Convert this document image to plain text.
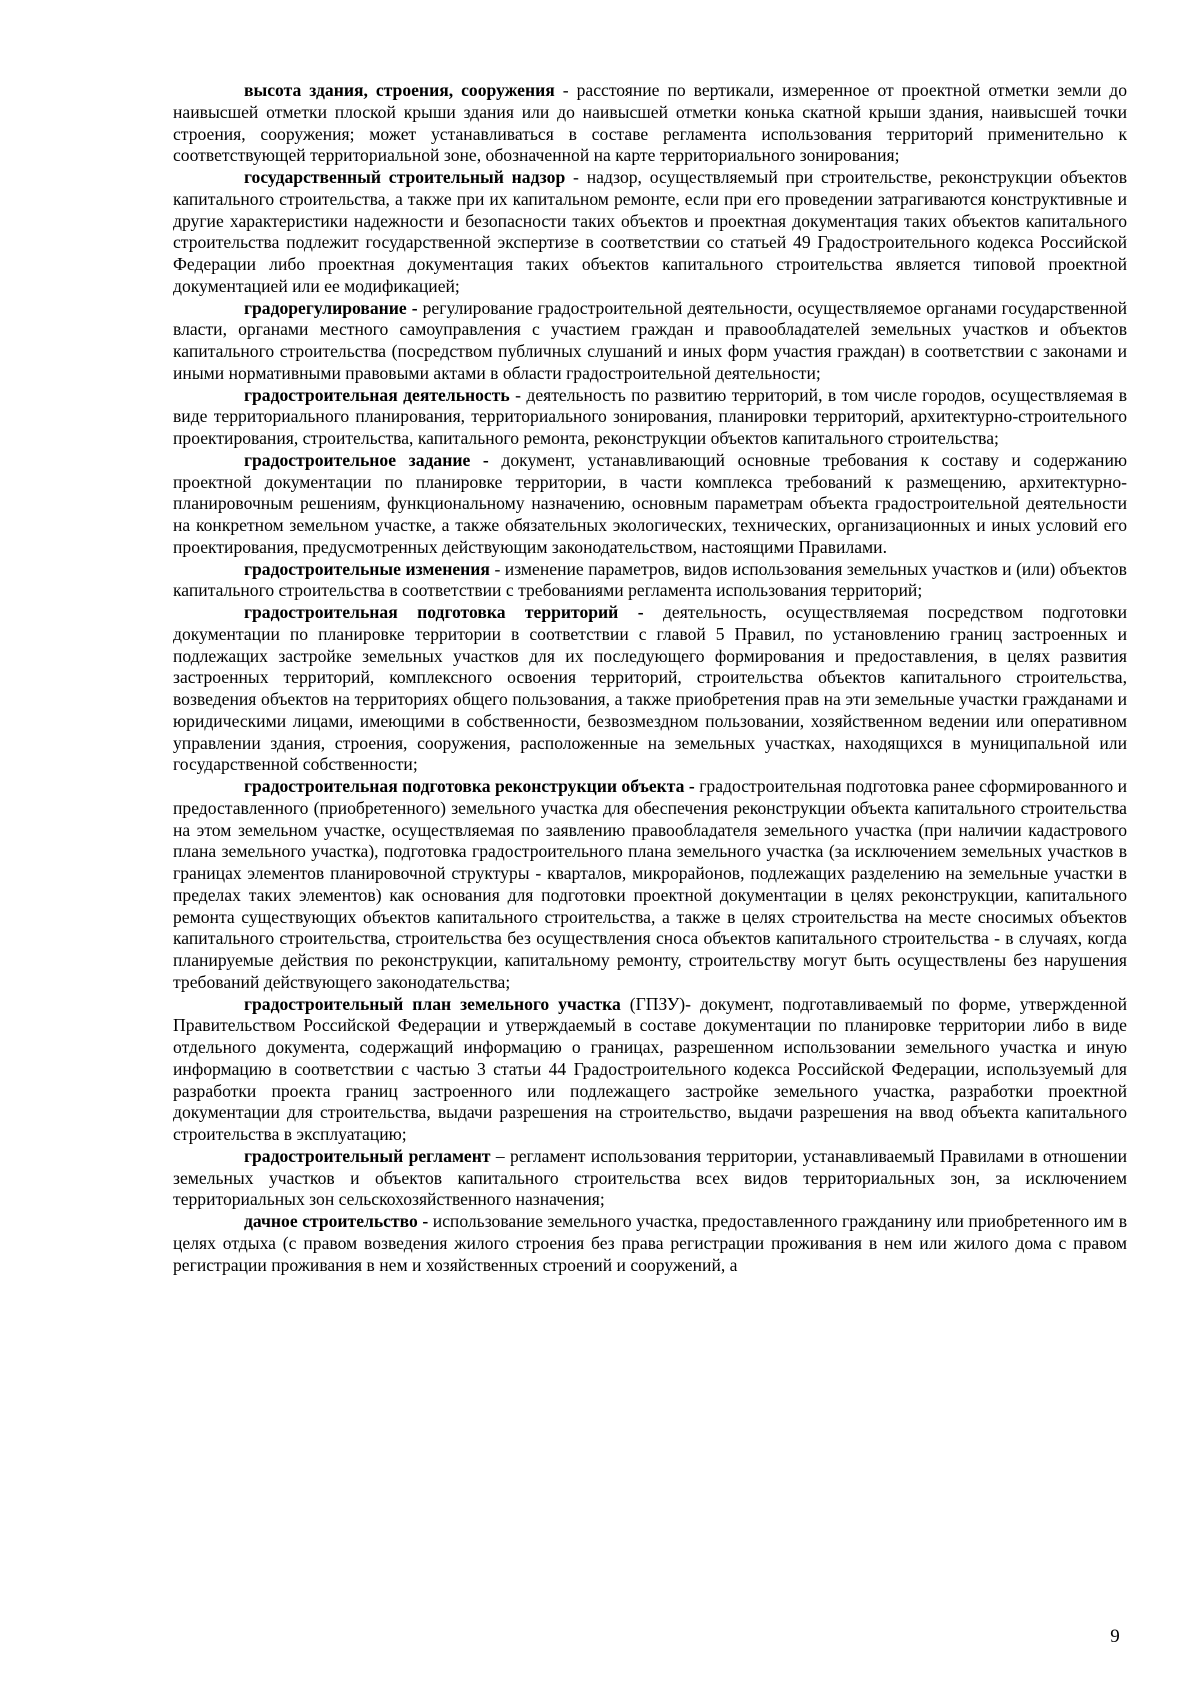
высота здания, строения, сооружения - расстояние по вертикали, измеренное от проектной отметки земли до наивысшей отметки плоской крыши здания или до наивысшей отметки конька скатной крыши здания, наивысшей точки строения, сооружения; может устанавливаться в составе регламента использования территорий применительно к соответствующей территориальной зоне, обозначенной на карте территориального зонирования;

государственный строительный надзор - надзор, осуществляемый при строительстве, реконструкции объектов капитального строительства, а также при их капитальном ремонте, если при его проведении затрагиваются конструктивные и другие характеристики надежности и безопасности таких объектов и проектная документация таких объектов капитального строительства подлежит государственной экспертизе в соответствии со статьей 49 Градостроительного кодекса Российской Федерации либо проектная документация таких объектов капитального строительства является типовой проектной документацией или ее модификацией;

градорегулирование - регулирование градостроительной деятельности, осуществляемое органами государственной власти, органами местного самоуправления с участием граждан и правообладателей земельных участков и объектов капитального строительства (посредством публичных слушаний и иных форм участия граждан) в соответствии с законами и иными нормативными правовыми актами в области градостроительной деятельности;

градостроительная деятельность - деятельность по развитию территорий, в том числе городов, осуществляемая в виде территориального планирования, территориального зонирования, планировки территорий, архитектурно-строительного проектирования, строительства, капитального ремонта, реконструкции объектов капитального строительства;

градостроительное задание - документ, устанавливающий основные требования к составу и содержанию проектной документации по планировке территории, в части комплекса требований к размещению, архитектурно-планировочным решениям, функциональному назначению, основным параметрам объекта градостроительной деятельности на конкретном земельном участке, а также обязательных экологических, технических, организационных и иных условий его проектирования, предусмотренных действующим законодательством, настоящими Правилами.

градостроительные изменения - изменение параметров, видов использования земельных участков и (или) объектов капитального строительства в соответствии с требованиями регламента использования территорий;

градостроительная подготовка территорий - деятельность, осуществляемая посредством подготовки документации по планировке территории в соответствии с главой 5 Правил, по установлению границ застроенных и подлежащих застройке земельных участков для их последующего формирования и предоставления, в целях развития застроенных территорий, комплексного освоения территорий, строительства объектов капитального строительства, возведения объектов на территориях общего пользования, а также приобретения прав на эти земельные участки гражданами и юридическими лицами, имеющими в собственности, безвозмездном пользовании, хозяйственном ведении или оперативном управлении здания, строения, сооружения, расположенные на земельных участках, находящихся в муниципальной или государственной собственности;

градостроительная подготовка реконструкции объекта - градостроительная подготовка ранее сформированного и предоставленного (приобретенного) земельного участка для обеспечения реконструкции объекта капитального строительства на этом земельном участке, осуществляемая по заявлению правообладателя земельного участка (при наличии кадастрового плана земельного участка), подготовка градостроительного плана земельного участка (за исключением земельных участков в границах элементов планировочной структуры - кварталов, микрорайонов, подлежащих разделению на земельные участки в пределах таких элементов) как основания для подготовки проектной документации в целях реконструкции, капитального ремонта существующих объектов капитального строительства, а также в целях строительства на месте сносимых объектов капитального строительства, строительства без осуществления сноса объектов капитального строительства - в случаях, когда планируемые действия по реконструкции, капитальному ремонту, строительству могут быть осуществлены без нарушения требований действующего законодательства;

градостроительный план земельного участка (ГПЗУ)- документ, подготавливаемый по форме, утвержденной Правительством Российской Федерации и утверждаемый в составе документации по планировке территории либо в виде отдельного документа, содержащий информацию о границах, разрешенном использовании земельного участка и иную информацию в соответствии с частью 3 статьи 44 Градостроительного кодекса Российской Федерации, используемый для разработки проекта границ застроенного или подлежащего застройке земельного участка, разработки проектной документации для строительства, выдачи разрешения на строительство, выдачи разрешения на ввод объекта капитального строительства в эксплуатацию;

градостроительный регламент – регламент использования территории, устанавливаемый Правилами в отношении земельных участков и объектов капитального строительства всех видов территориальных зон, за исключением территориальных зон сельскохозяйственного назначения;

дачное строительство - использование земельного участка, предоставленного гражданину или приобретенного им в целях отдыха (с правом возведения жилого строения без права регистрации проживания в нем или жилого дома с правом регистрации проживания в нем и хозяйственных строений и сооружений, а

9
